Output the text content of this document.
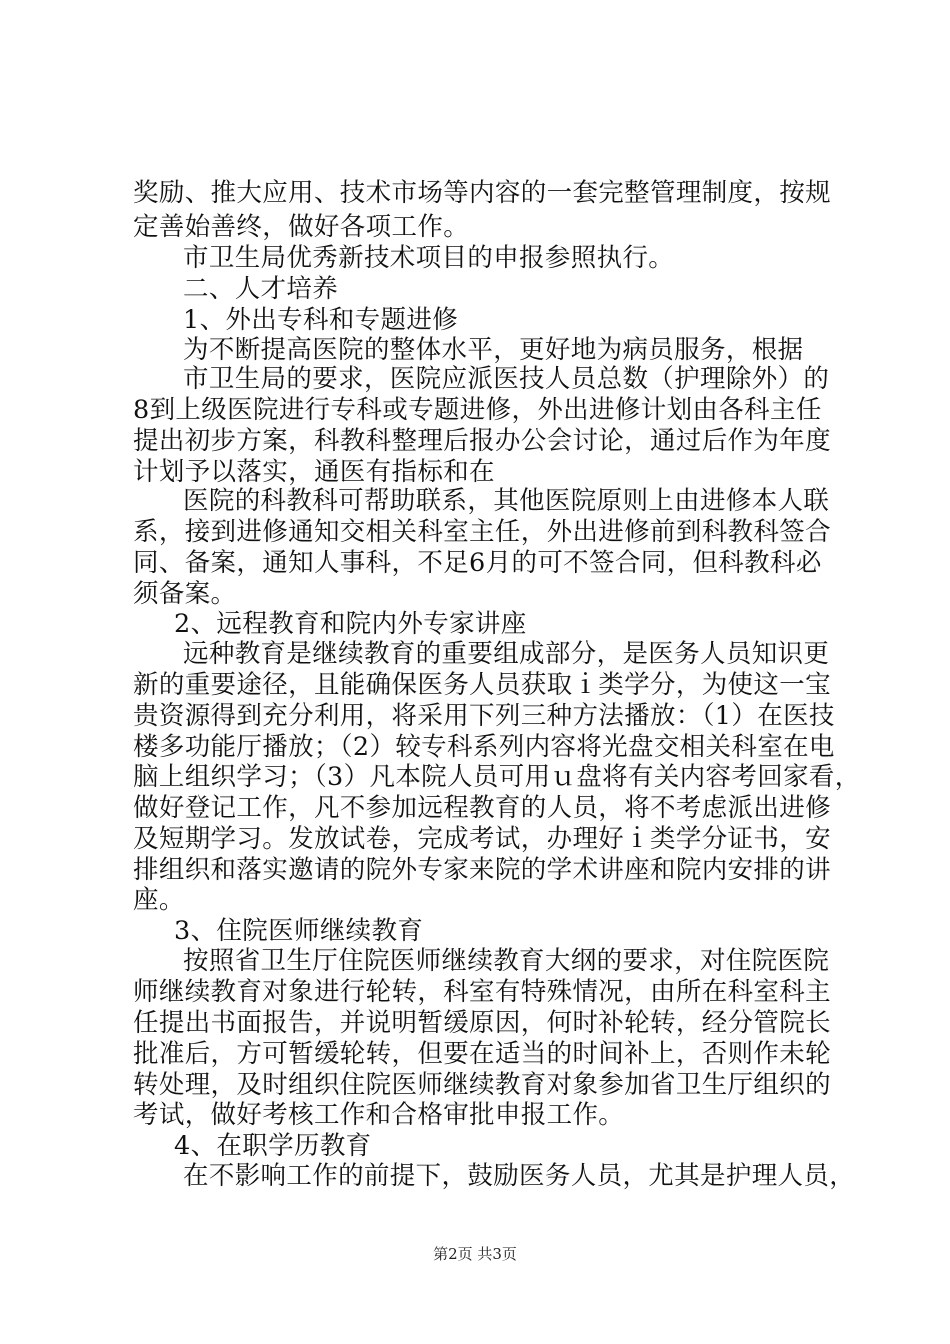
奖励、推大应用、技术市场等内容的一套完整管理制度，按规
定善始善终，做好各项工作。
市卫生局优秀新技术项目的申报参照执行。
二、人才培养
1、外出专科和专题进修
为不断提高医院的整体水平，更好地为病员服务，根据
市卫生局的要求，医院应派医技人员总数（护理除外）的
8到上级医院进行专科或专题进修，外出进修计划由各科主任
提出初步方案，科教科整理后报办公会讨论，通过后作为年度
计划予以落实，通医有指标和在
医院的科教科可帮助联系，其他医院原则上由进修本人联
系，接到进修通知交相关科室主任，外出进修前到科教科签合
同、备案，通知人事科，不足6月的可不签合同，但科教科必
须备案。
2、远程教育和院内外专家讲座
远种教育是继续教育的重要组成部分，是医务人员知识更
新的重要途径，且能确保医务人员获取ｉ类学分，为使这一宝
贵资源得到充分利用，将采用下列三种方法播放：（1）在医技
楼多功能厅播放；（2）较专科系列内容将光盘交相关科室在电
脑上组织学习；（3）凡本院人员可用ｕ盘将有关内容考回家看，
做好登记工作，凡不参加远程教育的人员，将不考虑派出进修
及短期学习。发放试卷，完成考试，办理好ｉ类学分证书，安
排组织和落实邀请的院外专家来院的学术讲座和院内安排的讲
座。
3、住院医师继续教育
按照省卫生厅住院医师继续教育大纲的要求，对住院医院
师继续教育对象进行轮转，科室有特殊情况，由所在科室科主
任提出书面报告，并说明暂缓原因，何时补轮转，经分管院长
批准后，方可暂缓轮转，但要在适当的时间补上，否则作未轮
转处理，及时组织住院医师继续教育对象参加省卫生厅组织的
考试，做好考核工作和合格审批申报工作。
4、在职学历教育
在不影响工作的前提下，鼓励医务人员，尤其是护理人员，
第2页 共3页
